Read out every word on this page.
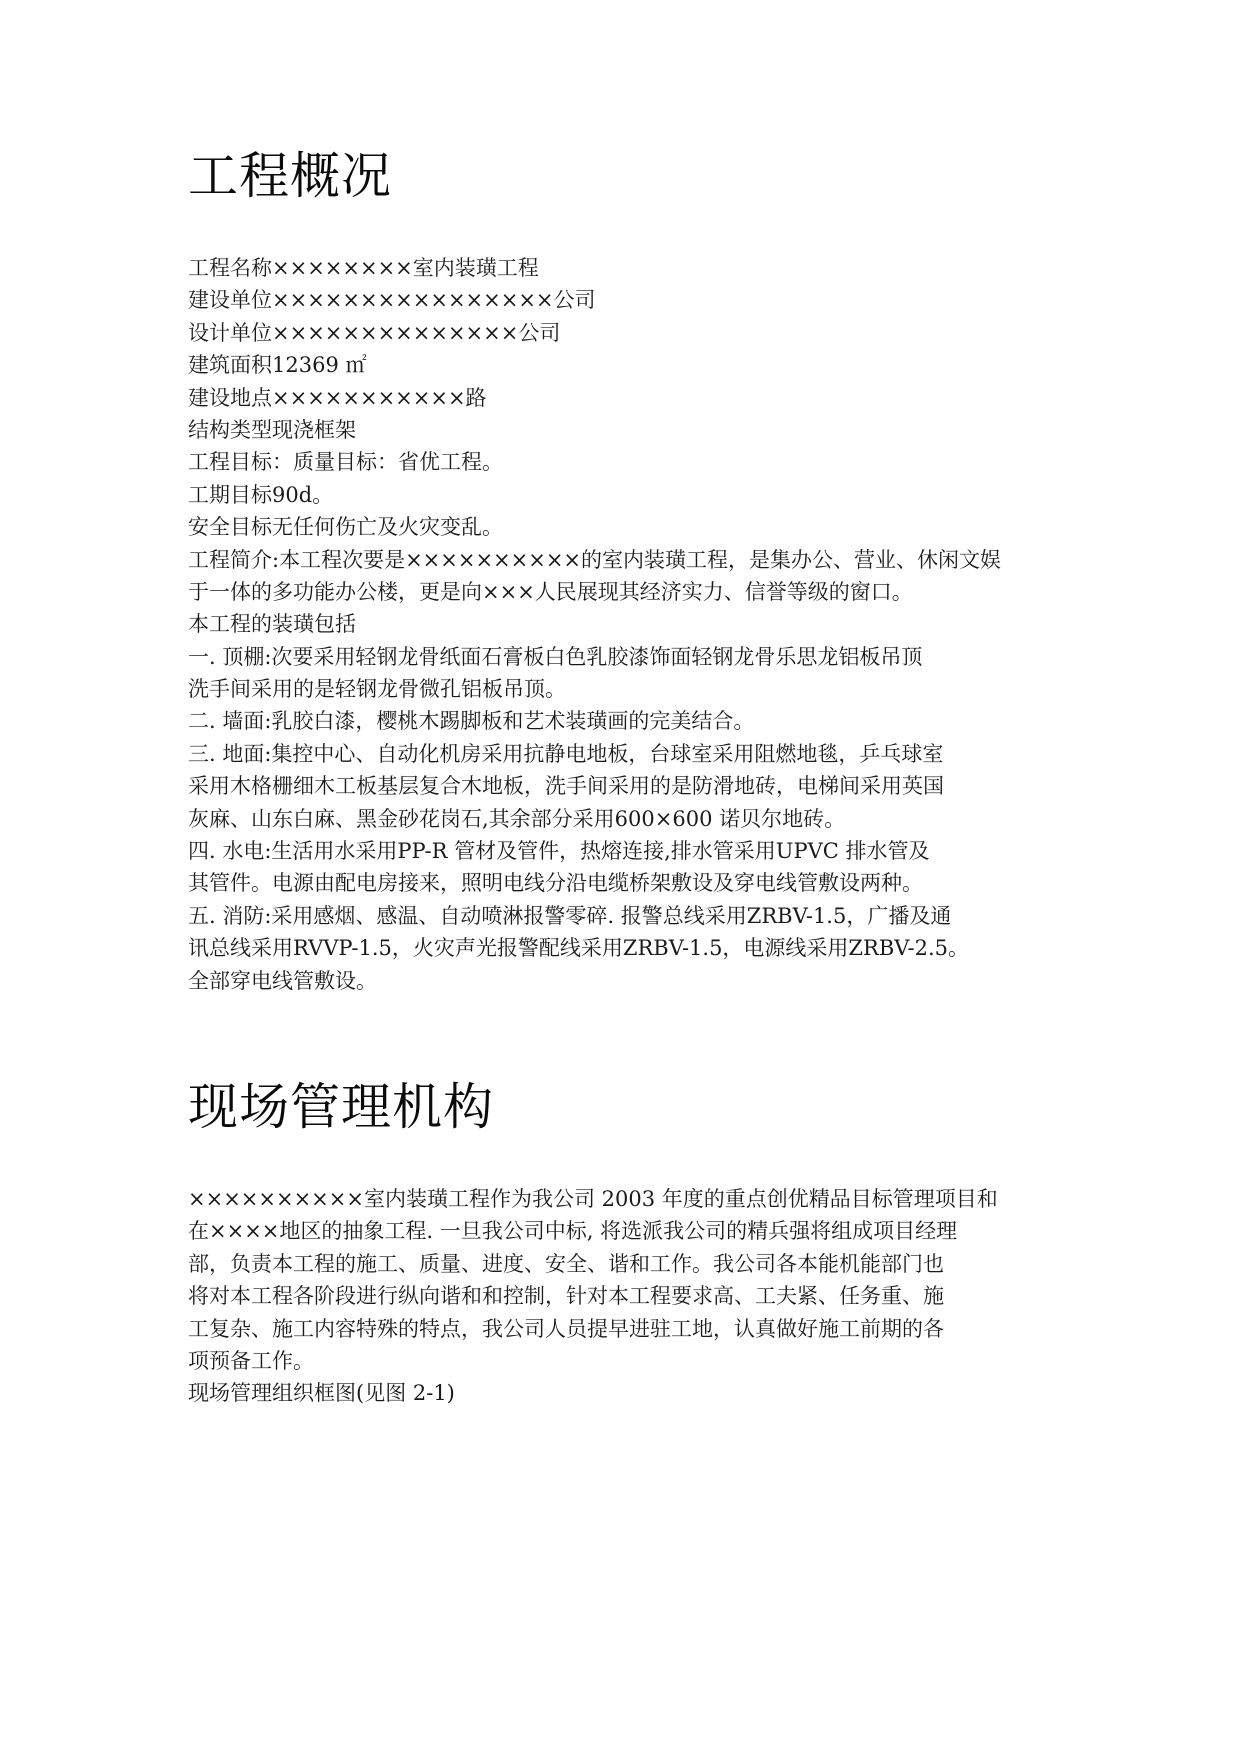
工程概况
工程名称××××××××室内装璜工程
建设单位××××××××××××××××公司
设计单位××××××××××××××公司
建筑面积12369 ㎡
建设地点×××××××××××路
结构类型现浇框架
工程目标：质量目标：省优工程。
工期目标90d。
安全目标无任何伤亡及火灾变乱。
工程简介:本工程次要是××××××××××的室内装璜工程，是集办公、营业、休闲文娱
于一体的多功能办公楼，更是向×××人民展现其经济实力、信誉等级的窗口。
本工程的装璜包括
一. 顶棚:次要采用轻钢龙骨纸面石膏板白色乳胶漆饰面轻钢龙骨乐思龙铝板吊顶
洗手间采用的是轻钢龙骨微孔铝板吊顶。
二. 墙面:乳胶白漆，樱桃木踢脚板和艺术装璜画的完美结合。
三. 地面:集控中心、自动化机房采用抗静电地板，台球室采用阻燃地毯，乒乓球室
采用木格栅细木工板基层复合木地板，洗手间采用的是防滑地砖，电梯间采用英国
灰麻、山东白麻、黑金砂花岗石,其余部分采用600×600 诺贝尔地砖。
四. 水电:生活用水采用PP-R 管材及管件，热熔连接,排水管采用UPVC 排水管及
其管件。电源由配电房接来，照明电线分沿电缆桥架敷设及穿电线管敷设两种。
五. 消防:采用感烟、感温、自动喷淋报警零碎. 报警总线采用ZRBV-1.5，广播及通
讯总线采用RVVP-1.5，火灾声光报警配线采用ZRBV-1.5，电源线采用ZRBV-2.5。
全部穿电线管敷设。
现场管理机构
××××××××××室内装璜工程作为我公司 2003 年度的重点创优精品目标管理项目和
在××××地区的抽象工程. 一旦我公司中标, 将选派我公司的精兵强将组成项目经理
部，负责本工程的施工、质量、进度、安全、谐和工作。我公司各本能机能部门也
将对本工程各阶段进行纵向谐和和控制，针对本工程要求高、工夫紧、任务重、施
工复杂、施工内容特殊的特点，我公司人员提早进驻工地，认真做好施工前期的各
项预备工作。
现场管理组织框图(见图 2-1)
